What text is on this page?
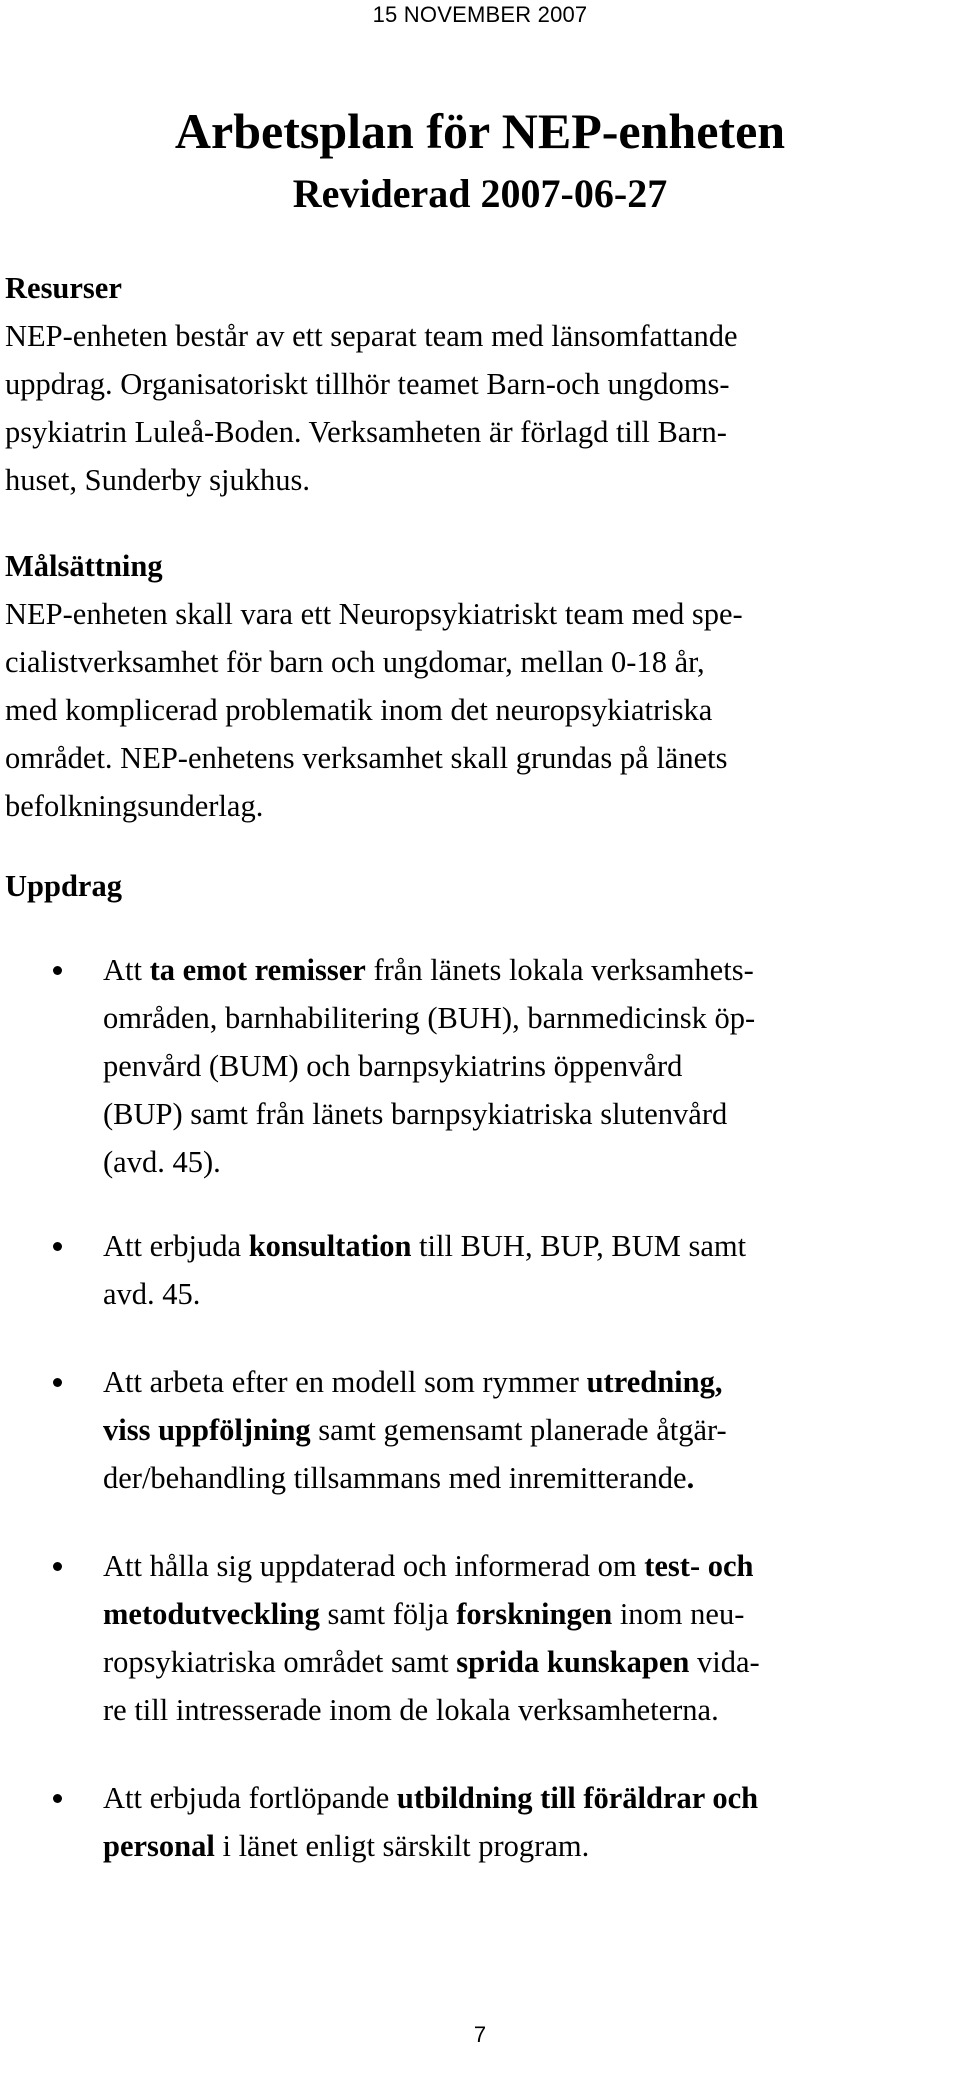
15 NOVEMBER 2007
Arbetsplan för NEP-enheten
Reviderad 2007-06-27

Resurser

NEP-enheten består av ett separat team med länsomfattande
uppdrag. Organisatoriskt tillhör teamet Barn-och ungdoms-
psykiatrin Luleå-Boden. Verksamheten är förlagd till Barn-
huset, Sunderby sjukhus.

Målsättning

NEP-enheten skall vara ett Neuropsykiatriskt team med spe-
cialistverksamhet för barn och ungdomar, mellan 0-18 år,
med komplicerad problematik inom det neuropsykiatriska
området. NEP-enhetens verksamhet skall grundas på länets
befolkningsunderlag.

Uppdrag

Att ta emot remisser från länets lokala verksamhets-
områden, barnhabilitering (BUH), barnmedicinsk öp-
penvård (BUM) och barnpsykiatrins öppenvård
(BUP) samt från länets barnpsykiatriska slutenvård
(avd. 45).
Att erbjuda konsultation till BUH, BUP, BUM samt
avd. 45.
Att arbeta efter en modell som rymmer utredning,
viss uppföljning samt gemensamt planerade åtgär-
der/behandling tillsammans med inremitterande.
Att hålla sig uppdaterad och informerad om test- och
metodutveckling samt följa forskningen inom neu-
ropsykiatriska området samt sprida kunskapen vida-
re till intresserade inom de lokala verksamheterna.
Att erbjuda fortlöpande utbildning till föräldrar och
personal i länet enligt särskilt program.
7
